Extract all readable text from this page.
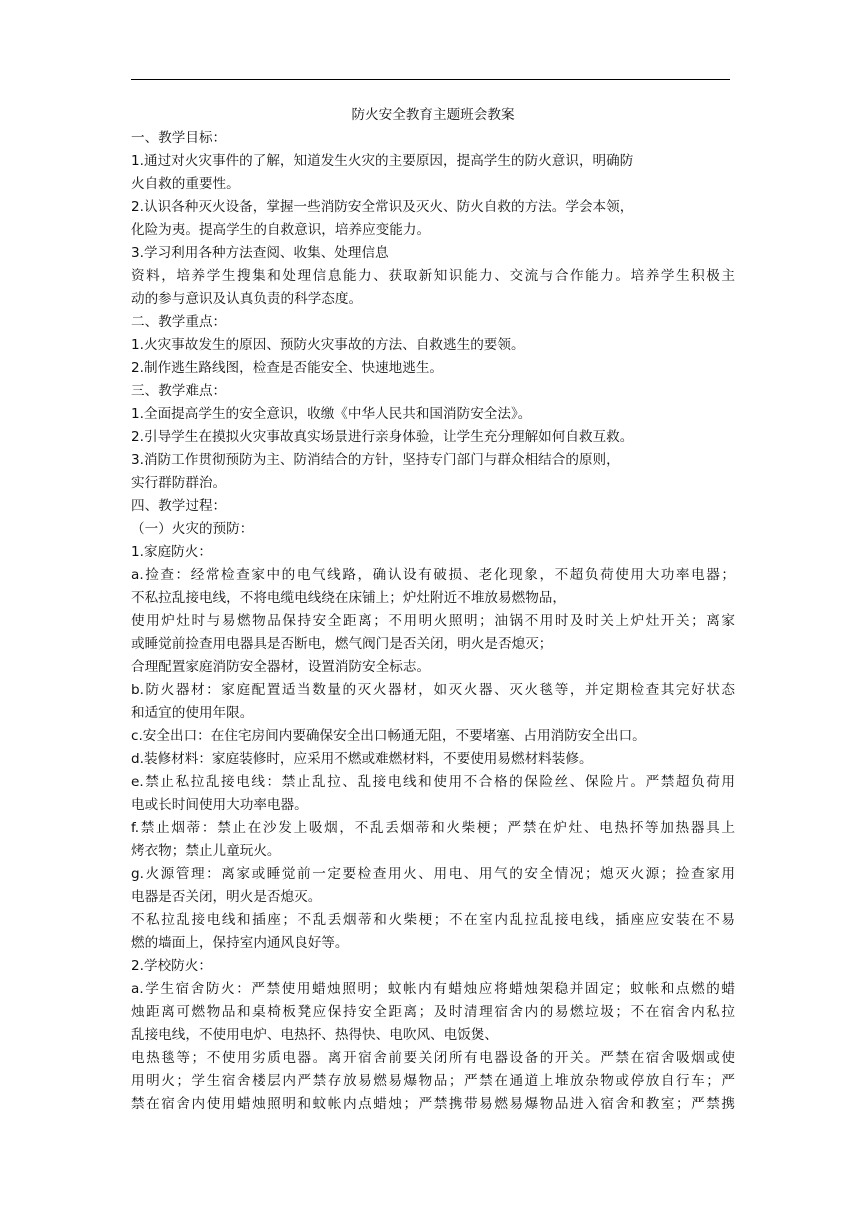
防火安全教育主题班会教案
一、教学目标：
1.通过对火灾事件的了解，知道发生火灾的主要原因，提高学生的防火意识，明确防
火自救的重要性。
2.认识各种灭火设备，掌握一些消防安全常识及灭火、防火自救的方法。学会本领，
化险为夷。提高学生的自救意识，培养应变能力。
3.学习利用各种方法查阅、收集、处理信息
资料，培养学生搜集和处理信息能力、获取新知识能力、交流与合作能力。培养学生积极主
动的参与意识及认真负责的科学态度。
二、教学重点：
1.火灾事故发生的原因、预防火灾事故的方法、自救逃生的要领。
2.制作逃生路线图，检查是否能安全、快速地逃生。
三、教学难点：
1.全面提高学生的安全意识，收缴《中华人民共和国消防安全法》。
2.引导学生在摸拟火灾事故真实场景进行亲身体验，让学生充分理解如何自救互救。
3.消防工作贯彻预防为主、防消结合的方针，坚持专门部门与群众相结合的原则，
实行群防群治。
四、教学过程：
（一）火灾的预防：
1.家庭防火：
a.捡查：经常检查家中的电气线路，确认设有破损、老化现象，不超负荷使用大功率电器；
不私拉乱接电线，不将电缆电线绕在床铺上；炉灶附近不堆放易燃物品，
使用炉灶时与易燃物品保持安全距离；不用明火照明；油锅不用时及时关上炉灶开关；离家
或睡觉前捡查用电器具是否断电，燃气阀门是否关闭，明火是否熄灭；
合理配置家庭消防安全器材，设置消防安全标志。
b.防火器材：家庭配置适当数量的灭火器材，如灭火器、灭火毯等，并定期检查其完好状态
和适宜的使用年限。
c.安全出口：在住宅房间内要确保安全出口畅通无阻，不要堵塞、占用消防安全出口。
d.装修材料：家庭装修时，应采用不燃或难燃材料，不要使用易燃材料装修。
e.禁止私拉乱接电线：禁止乱拉、乱接电线和使用不合格的保险丝、保险片。严禁超负荷用
电或长时间使用大功率电器。
f.禁止烟蒂：禁止在沙发上吸烟，不乱丢烟蒂和火柴梗；严禁在炉灶、电热抔等加热器具上
烤衣物；禁止儿童玩火。
g.火源管理：离家或睡觉前一定要检查用火、用电、用气的安全情况；熄灭火源；捡查家用
电器是否关闭，明火是否熄灭。
不私拉乱接电线和插座；不乱丢烟蒂和火柴梗；不在室内乱拉乱接电线，插座应安装在不易
燃的墙面上，保持室内通风良好等。
2.学校防火：
a.学生宿舍防火：严禁使用蜡烛照明；蚊帐内有蜡烛应将蜡烛架稳并固定；蚊帐和点燃的蜡
烛距离可燃物品和桌椅板凳应保持安全距离；及时清理宿舍内的易燃垃圾；不在宿舍内私拉
乱接电线，不使用电炉、电热抔、热得快、电吹风、电饭煲、
电热毯等；不使用劣质电器。离开宿舍前要关闭所有电器设备的开关。严禁在宿舍吸烟或使
用明火；学生宿舍楼层内严禁存放易燃易爆物品；严禁在通道上堆放杂物或停放自行车；严
禁在宿舍内使用蜡烛照明和蚊帐内点蜡烛；严禁携带易燃易爆物品进入宿舍和教室；严禁携
